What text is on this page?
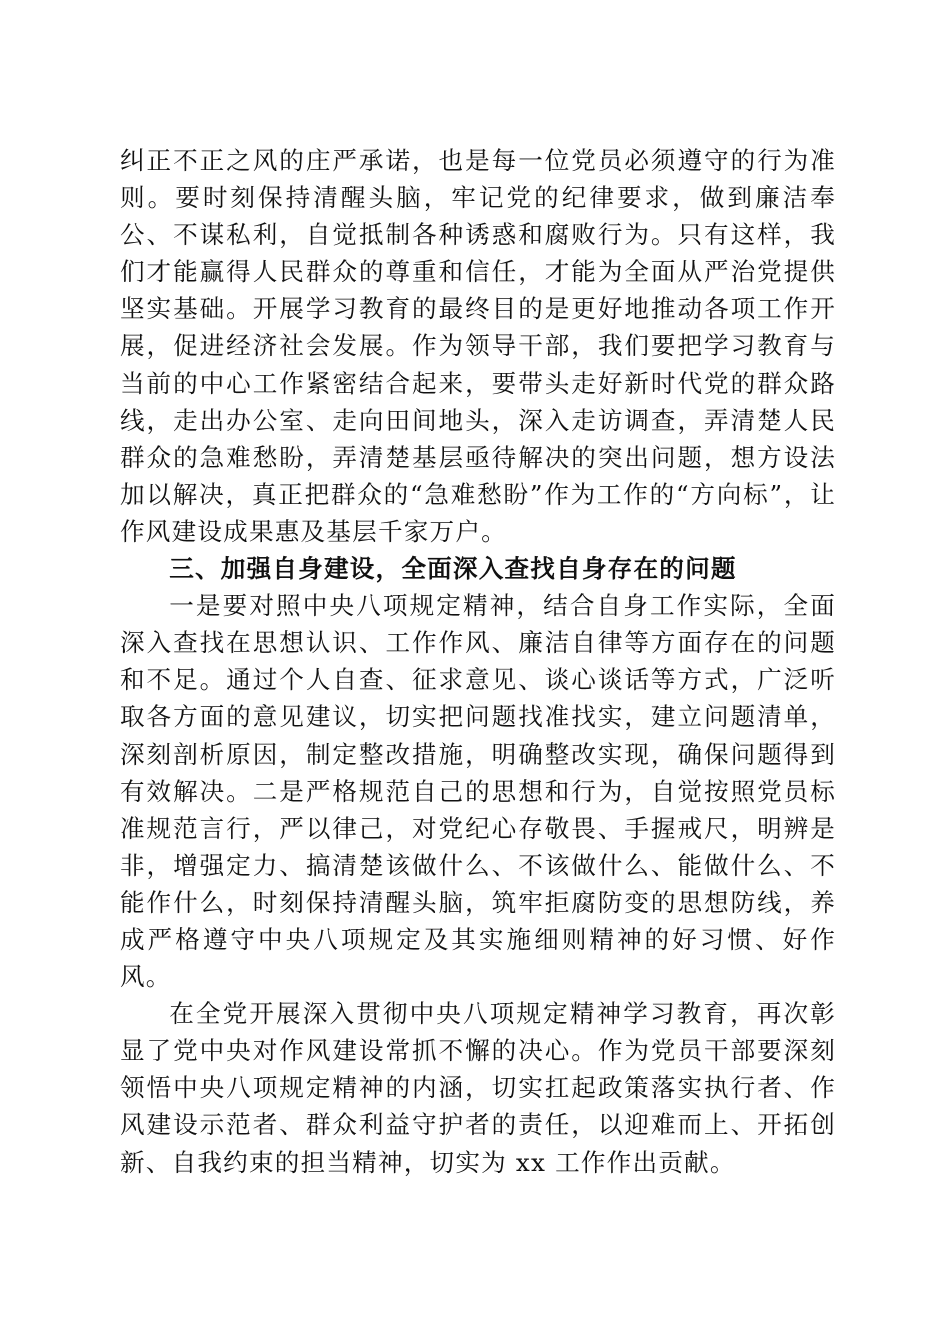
纠正不正之风的庄严承诺，也是每一位党员必须遵守的行为准则。要时刻保持清醒头脑，牢记党的纪律要求，做到廉洁奉公、不谋私利，自觉抵制各种诱惑和腐败行为。只有这样，我们才能赢得人民群众的尊重和信任，才能为全面从严治党提供坚实基础。开展学习教育的最终目的是更好地推动各项工作开展，促进经济社会发展。作为领导干部，我们要把学习教育与当前的中心工作紧密结合起来，要带头走好新时代党的群众路线，走出办公室、走向田间地头，深入走访调查，弄清楚人民群众的急难愁盼，弄清楚基层亟待解决的突出问题，想方设法加以解决，真正把群众的“急难愁盼”作为工作的“方向标”，让作风建设成果惠及基层千家万户。

三、加强自身建设，全面深入查找自身存在的问题

一是要对照中央八项规定精神，结合自身工作实际，全面深入查找在思想认识、工作作风、廉洁自律等方面存在的问题和不足。通过个人自查、征求意见、谈心谈话等方式，广泛听取各方面的意见建议，切实把问题找准找实，建立问题清单，深刻剖析原因，制定整改措施，明确整改实现，确保问题得到有效解决。二是严格规范自己的思想和行为，自觉按照党员标准规范言行，严以律己，对党纪心存敬畏、手握戒尺，明辨是非，增强定力、搞清楚该做什么、不该做什么、能做什么、不能作什么，时刻保持清醒头脑，筑牢拒腐防变的思想防线，养成严格遵守中央八项规定及其实施细则精神的好习惯、好作风。

在全党开展深入贯彻中央八项规定精神学习教育，再次彰显了党中央对作风建设常抓不懈的决心。作为党员干部要深刻领悟中央八项规定精神的内涵，切实扛起政策落实执行者、作风建设示范者、群众利益守护者的责任，以迎难而上、开拓创新、自我约束的担当精神，切实为 xx 工作作出贡献。
